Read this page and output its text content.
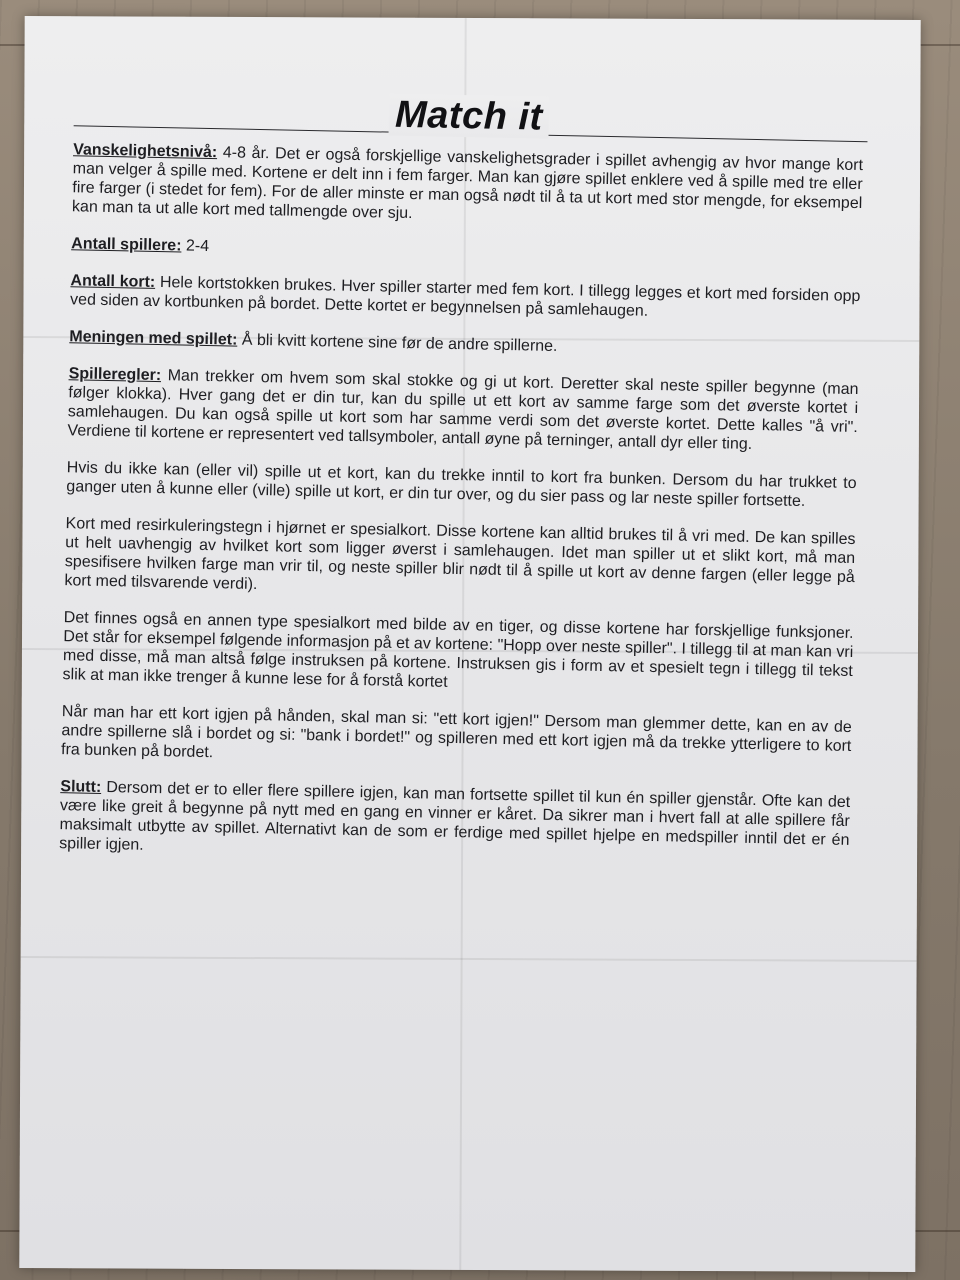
Match it

Vanskelighetsnivå: 4-8 år. Det er også forskjellige vanskelighetsgrader i spillet avhengig av hvor mange kort man velger å spille med. Kortene er delt inn i fem farger. Man kan gjøre spillet enklere ved å spille med tre eller fire farger (i stedet for fem). For de aller minste er man også nødt til å ta ut kort med stor mengde, for eksempel kan man ta ut alle kort med tallmengde over sju.

Antall spillere: 2-4

Antall kort: Hele kortstokken brukes. Hver spiller starter med fem kort. I tillegg legges et kort med forsiden opp ved siden av kortbunken på bordet. Dette kortet er begynnelsen på samlehaugen.

Meningen med spillet: Å bli kvitt kortene sine før de andre spillerne.

Spilleregler: Man trekker om hvem som skal stokke og gi ut kort. Deretter skal neste spiller begynne (man følger klokka). Hver gang det er din tur, kan du spille ut ett kort av samme farge som det øverste kortet i samlehaugen. Du kan også spille ut kort som har samme verdi som det øverste kortet. Dette kalles "å vri". Verdiene til kortene er representert ved tallsymboler, antall øyne på terninger, antall dyr eller ting.

Hvis du ikke kan (eller vil) spille ut et kort, kan du trekke inntil to kort fra bunken. Dersom du har trukket to ganger uten å kunne eller (ville) spille ut kort, er din tur over, og du sier pass og lar neste spiller fortsette.

Kort med resirkuleringstegn i hjørnet er spesialkort. Disse kortene kan alltid brukes til å vri med. De kan spilles ut helt uavhengig av hvilket kort som ligger øverst i samlehaugen. Idet man spiller ut et slikt kort, må man spesifisere hvilken farge man vrir til, og neste spiller blir nødt til å spille ut kort av denne fargen (eller legge på kort med tilsvarende verdi).

Det finnes også en annen type spesialkort med bilde av en tiger, og disse kortene har forskjellige funksjoner. Det står for eksempel følgende informasjon på et av kortene: "Hopp over neste spiller". I tillegg til at man kan vri med disse, må man altså følge instruksen på kortene. Instruksen gis i form av et spesielt tegn i tillegg til tekst slik at man ikke trenger å kunne lese for å forstå kortet

Når man har ett kort igjen på hånden, skal man si: "ett kort igjen!" Dersom man glemmer dette, kan en av de andre spillerne slå i bordet og si: "bank i bordet!" og spilleren med ett kort igjen må da trekke ytterligere to kort fra bunken på bordet.

Slutt: Dersom det er to eller flere spillere igjen, kan man fortsette spillet til kun én spiller gjenstår. Ofte kan det være like greit å begynne på nytt med en gang en vinner er kåret. Da sikrer man i hvert fall at alle spillere får maksimalt utbytte av spillet. Alternativt kan de som er ferdige med spillet hjelpe en medspiller inntil det er én spiller igjen.
